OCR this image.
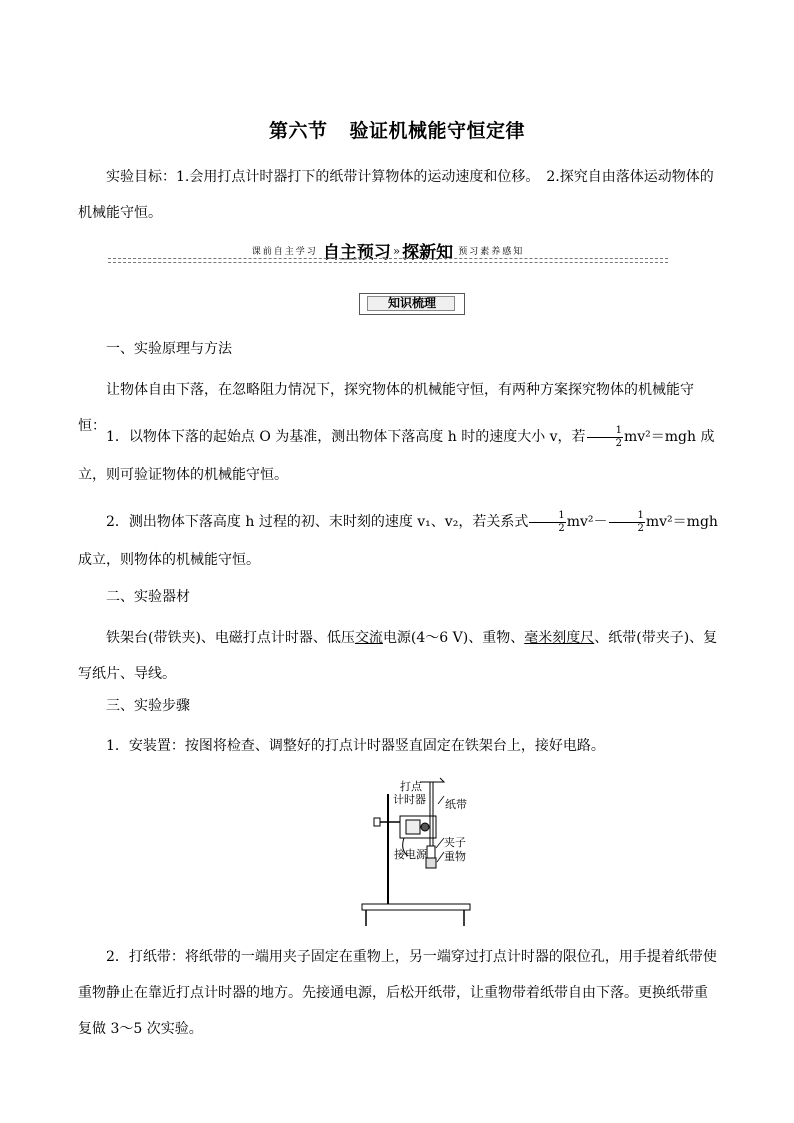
第六节 验证机械能守恒定律
实验目标：1.会用打点计时器打下的纸带计算物体的运动速度和位移。　2.探究自由落体运动物体的机械能守恒。
课前自主学习 自主预习 » 探新知 预习素养感知
知识梳理
一、实验原理与方法
让物体自由下落，在忽略阻力情况下，探究物体的机械能守恒，有两种方案探究物体的机械能守恒：
1．以物体下落的起始点 O 为基准，测出物体下落高度 h 时的速度大小 v，若 $\frac{1}{2} mv^2=mgh$ 成立，则可验证物体的机械能守恒。
2．测出物体下落高度 h 过程的初、末时刻的速度 v₁、v₂，若关系式 $\frac{1}{2} mv^2- \frac{1}{2} mv^2=mgh$ 成立，则物体的机械能守恒。
二、实验器材
铁架台(带铁夹)、电磁打点计时器、低压交流电源(4～6 V)、重物、毫米刻度尺、纸带(带夹子)、复写纸片、导线。
三、实验步骤
1．安装置：按图将检查、调整好的打点计时器竖直固定在铁架台上，接好电路。
打点
计时器 纸带
夹子
接电源 重物
2．打纸带：将纸带的一端用夹子固定在重物上，另一端穿过打点计时器的限位孔，用手提着纸带使重物静止在靠近打点计时器的地方。先接通电源，后松开纸带，让重物带着纸带自由下落。更换纸带重复做 3～5 次实验。
